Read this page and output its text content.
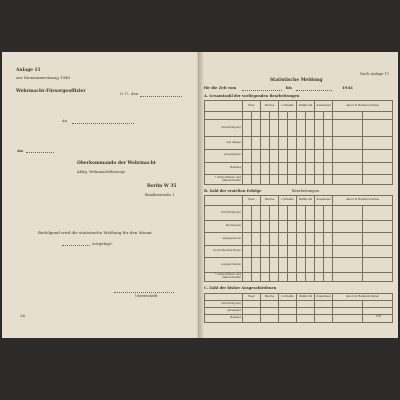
Anlage 11
zur Dienstanweisung 1940
Wehrmacht-Fürsorgeoffizier	O. U., den
An
An
Oberkommando der Wehrmacht
Abtlg. Wehrmachtfürsorge
Berlin W 35
Bendlerstraße 1
Beifolgend wird die statistische Meldung für den Monat
vorgelegt.
Unterschrift
26
Nach Anlage 11
Statistische Meldung
für die Zeit vom	bis	1941
A. Gesamtzahl der vorliegenden Bearbeitungen
	Heer		Marine		Luftwaffe		Waffen-SS		Zusammen		davon in Heimat-Schulen	

Unterbringung												
aus Anlage												
eingegangen												
Bestand												
* Unteroffiziere und Mannschaften												
B. Zahl der erzielten Erfolge	Bearbeitungen
	Heer		Marine		Luftwaffe		Waffen-SS		Zusammen		davon in Heimat-Schulen	
Unterbringung												
überwiesen												
abgegeben an												
in den Berufsschulen												
Ausgeschieden												
* Unteroffiziere und Mannschaften												
C. Zahl der bisher Ausgeschiedenen
	Heer	Marine	Luftwaffe	Waffen-SS	Zusammen	davon in Heimat-Schulen	
Unterbringung							
unbekannt							
Bestand								59
